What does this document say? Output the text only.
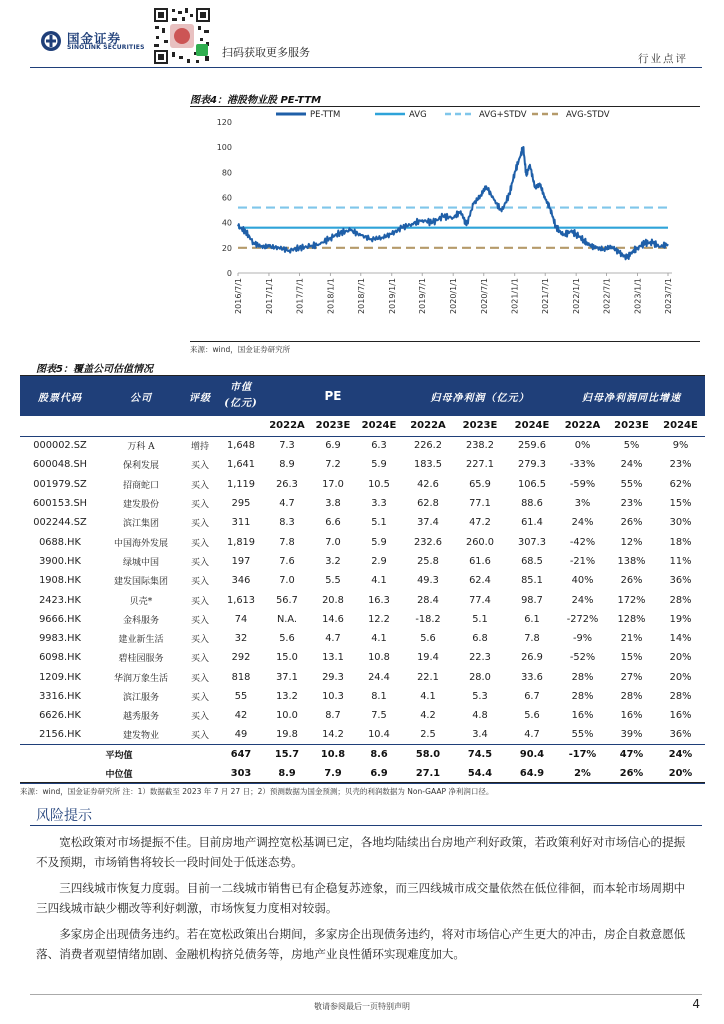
国金证券
SINOLINK SECURITIES	扫码获取更多服务	行业点评
图表4：港股物业股 PE-TTM
PE-TTM	AVG	AVG+STDV	AVG-STDV
0
20
40
60
80
100
120
2016/7/1	2017/1/1	2017/7/1	2018/1/1	2018/7/1	2019/1/1	2019/7/1	2020/1/1	2020/7/1	2021/1/1	2021/7/1	2022/1/1	2022/7/1	2023/1/1	2023/7/1
来源：wind，国金证券研究所
图表5：覆盖公司估值情况
股票代码	公司	评级	市值
(亿元)	PE			归母净利润（亿元）			归母净利润同比增速		
				2022A	2023E	2024E	2022A	2023E	2024E	2022A	2023E	2024E
000002.SZ	万科 A	增持	1,648	7.3	6.9	6.3	226.2	238.2	259.6	0%	5%	9%
600048.SH	保利发展	买入	1,641	8.9	7.2	5.9	183.5	227.1	279.3	-33%	24%	23%
001979.SZ	招商蛇口	买入	1,119	26.3	17.0	10.5	42.6	65.9	106.5	-59%	55%	62%
600153.SH	建发股份	买入	295	4.7	3.8	3.3	62.8	77.1	88.6	3%	23%	15%
002244.SZ	滨江集团	买入	311	8.3	6.6	5.1	37.4	47.2	61.4	24%	26%	30%
0688.HK	中国海外发展	买入	1,819	7.8	7.0	5.9	232.6	260.0	307.3	-42%	12%	18%
3900.HK	绿城中国	买入	197	7.6	3.2	2.9	25.8	61.6	68.5	-21%	138%	11%
1908.HK	建发国际集团	买入	346	7.0	5.5	4.1	49.3	62.4	85.1	40%	26%	36%
2423.HK	贝壳*	买入	1,613	56.7	20.8	16.3	28.4	77.4	98.7	24%	172%	28%
9666.HK	金科服务	买入	74	N.A.	14.6	12.2	-18.2	5.1	6.1	-272%	128%	19%
9983.HK	建业新生活	买入	32	5.6	4.7	4.1	5.6	6.8	7.8	-9%	21%	14%
6098.HK	碧桂园服务	买入	292	15.0	13.1	10.8	19.4	22.3	26.9	-52%	15%	20%
1209.HK	华润万象生活	买入	818	37.1	29.3	24.4	22.1	28.0	33.6	28%	27%	20%
3316.HK	滨江服务	买入	55	13.2	10.3	8.1	4.1	5.3	6.7	28%	28%	28%
6626.HK	越秀服务	买入	42	10.0	8.7	7.5	4.2	4.8	5.6	16%	16%	16%
2156.HK	建发物业	买入	49	19.8	14.2	10.4	2.5	3.4	4.7	55%	39%	36%
平均值			647	15.7	10.8	8.6	58.0	74.5	90.4	-17%	47%	24%
中位值			303	8.9	7.9	6.9	27.1	54.4	64.9	2%	26%	20%
来源：wind，国金证券研究所 注：1）数据截至 2023 年 7 月 27 日；2）预测数据为国金预测；贝壳的利润数据为 Non-GAAP 净利润口径。
风险提示

宽松政策对市场提振不佳。目前房地产调控宽松基调已定，各地均陆续出台房地产利好政策，若政策利好对市场信心的提振不及预期，市场销售将较长一段时间处于低迷态势。

三四线城市恢复力度弱。目前一二线城市销售已有企稳复苏迹象，而三四线城市成交量依然在低位徘徊，而本轮市场周期中三四线城市缺少棚改等利好刺激，市场恢复力度相对较弱。

多家房企出现债务违约。若在宽松政策出台期间，多家房企出现债务违约，将对市场信心产生更大的冲击，房企自救意愿低落、消费者观望情绪加剧、金融机构挤兑债务等，房地产业良性循环实现难度加大。

敬请参阅最后一页特别声明	4
